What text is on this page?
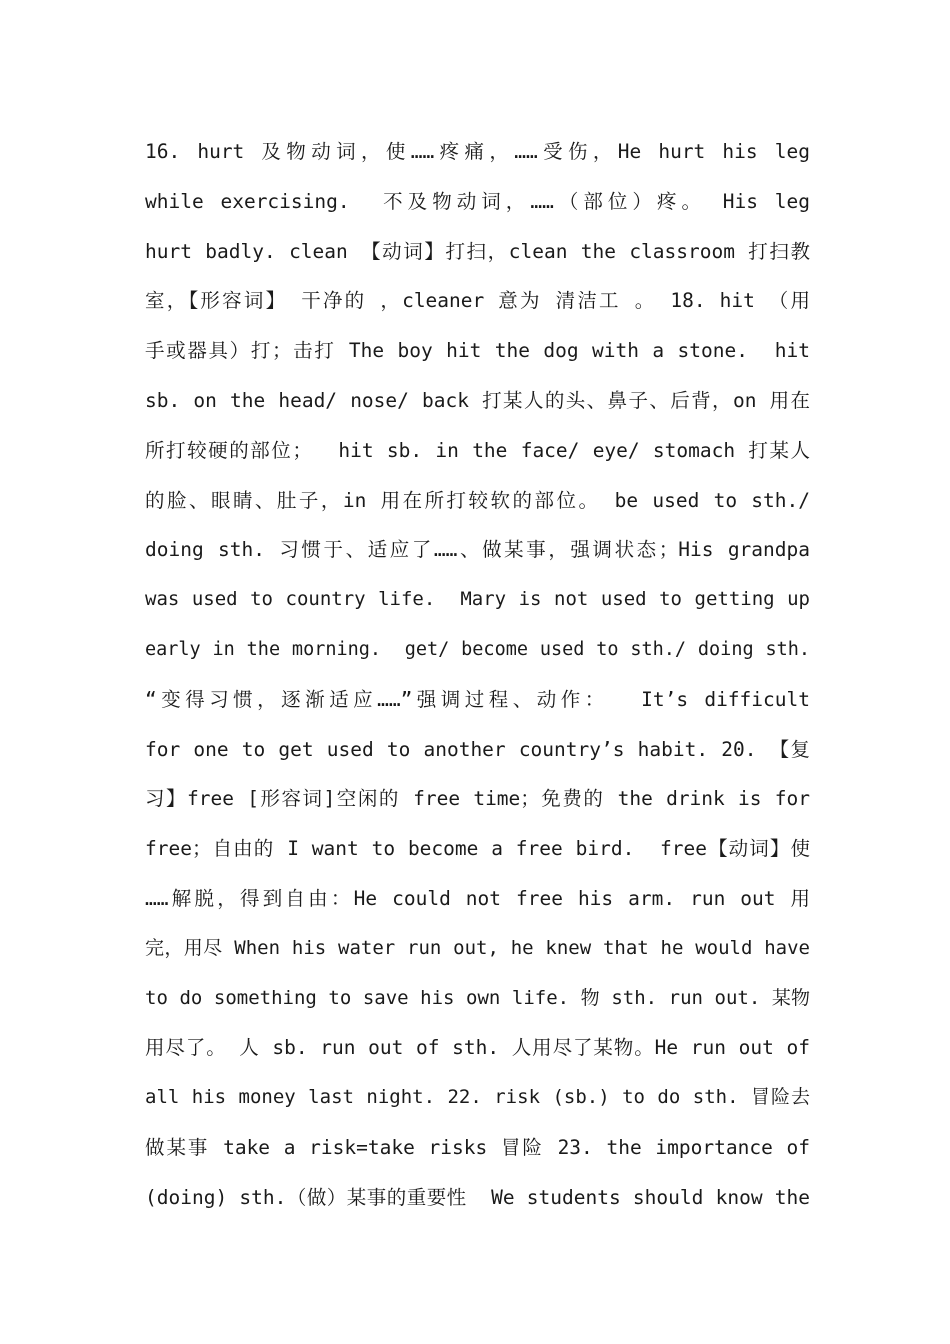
16. hurt 及物动词，使……疼痛，……受伤，He hurt his leg
while exercising.  不及物动词，……（部位）疼。 His leg
hurt badly. clean 【动词】打扫，clean the classroom 打扫教
室，【形容词】 干净的 ，cleaner 意为 清洁工 。 18. hit （用
手或器具）打；击打 The boy hit the dog with a stone.  hit
sb. on the head/ nose/ back 打某人的头、鼻子、后背，on 用在
所打较硬的部位；  hit sb. in the face/ eye/ stomach 打某人
的脸、眼睛、肚子，in 用在所打较软的部位。 be used to sth./
doing sth. 习惯于、适应了……、做某事，强调状态；His grandpa
was used to country life.  Mary is not used to getting up
early in the morning.  get/ become used to sth./ doing sth.
“变得习惯，逐渐适应……”强调过程、动作：  It’s difficult
for one to get used to another country’s habit. 20. 【复
习】free [形容词]空闲的 free time；免费的 the drink is for
free；自由的 I want to become a free bird.  free【动词】使
……解脱，得到自由：He could not free his arm. run out 用
完，用尽 When his water run out, he knew that he would have
to do something to save his own life. 物 sth. run out. 某物
用尽了。 人 sb. run out of sth. 人用尽了某物。He run out of
all his money last night. 22. risk (sb.) to do sth. 冒险去
做某事 take a risk=take risks 冒险 23. the importance of
(doing) sth.（做）某事的重要性  We students should know the
